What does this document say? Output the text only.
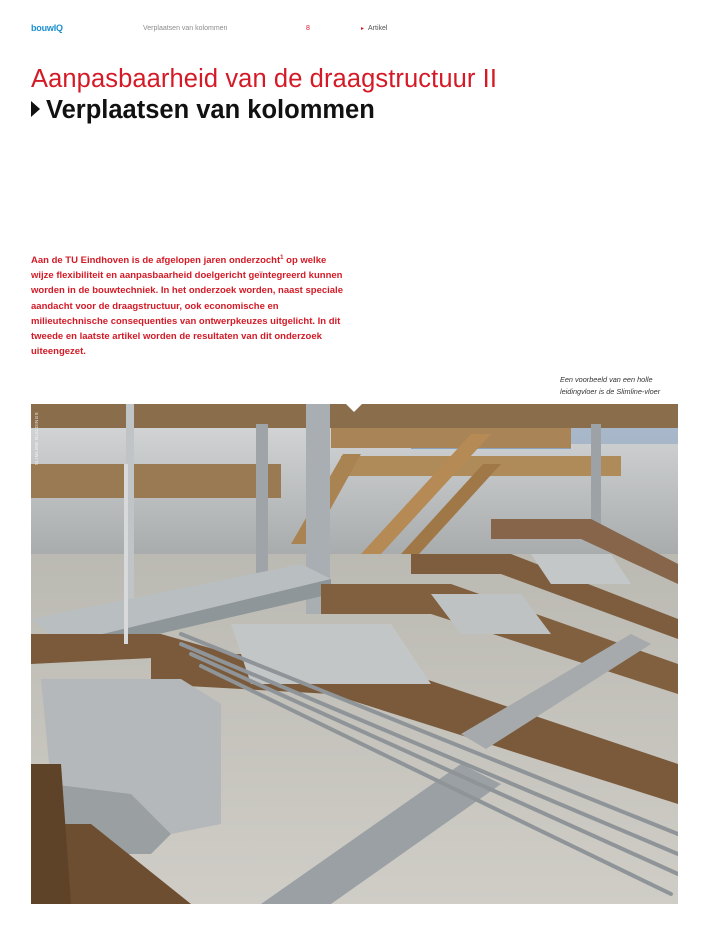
bouwIQ	Verplaatsen van kolommen	8	▸ Artikel
Aanpasbaarheid van de draagstructuur II
Verplaatsen van kolommen

Aan de TU Eindhoven is de afgelopen jaren onderzocht$^1$ op welke wijze flexibiliteit en aanpasbaarheid doelgericht geïntegreerd kunnen worden in de bouwtechniek. In het onderzoek worden, naast speciale aandacht voor de draagstructuur, ook economische en milieutechnische consequenties van ontwerpkeuzes uitgelicht. In dit tweede en laatste artikel worden de resultaten van dit onderzoek uiteengezet.

Een voorbeeld van een holle leidingvloer is de Slimline-vloer

SLIMLINE BUILDINGS
